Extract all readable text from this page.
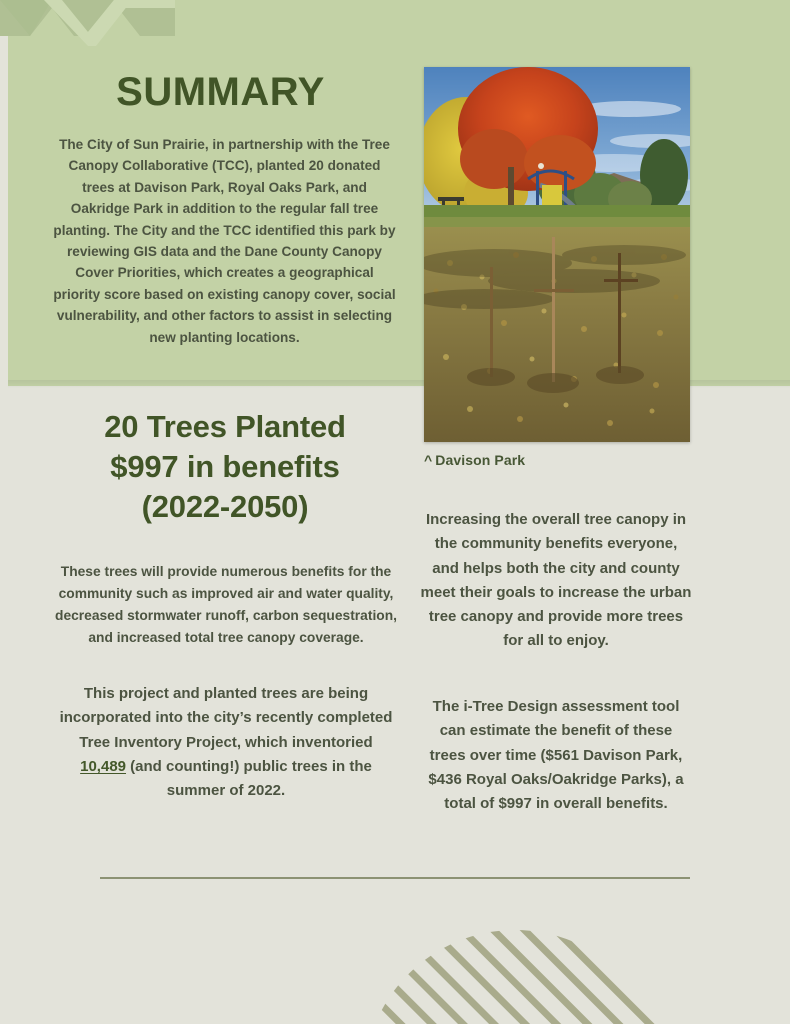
SUMMARY
The City of Sun Prairie, in partnership with the Tree Canopy Collaborative (TCC), planted 20 donated trees at Davison Park, Royal Oaks Park, and Oakridge Park in addition to the regular fall tree planting. The City and the TCC identified this park by reviewing GIS data and the Dane County Canopy Cover Priorities, which creates a geographical priority score based on existing canopy cover, social vulnerability, and other factors to assist in selecting new planting locations.
^ Davison Park
20 Trees Planted
$997 in benefits
(2022-2050)
These trees will provide numerous benefits for the community such as improved air and water quality, decreased stormwater runoff, carbon sequestration, and increased total tree canopy coverage.
This project and planted trees are being incorporated into the city’s recently completed Tree Inventory Project, which inventoried 10,489 (and counting!) public trees in the summer of 2022.
Increasing the overall tree canopy in the community benefits everyone, and helps both the city and county meet their goals to increase the urban tree canopy and provide more trees for all to enjoy.
The i-Tree Design assessment tool can estimate the benefit of these trees over time ($561 Davison Park, $436 Royal Oaks/Oakridge Parks), a total of $997 in overall benefits.
